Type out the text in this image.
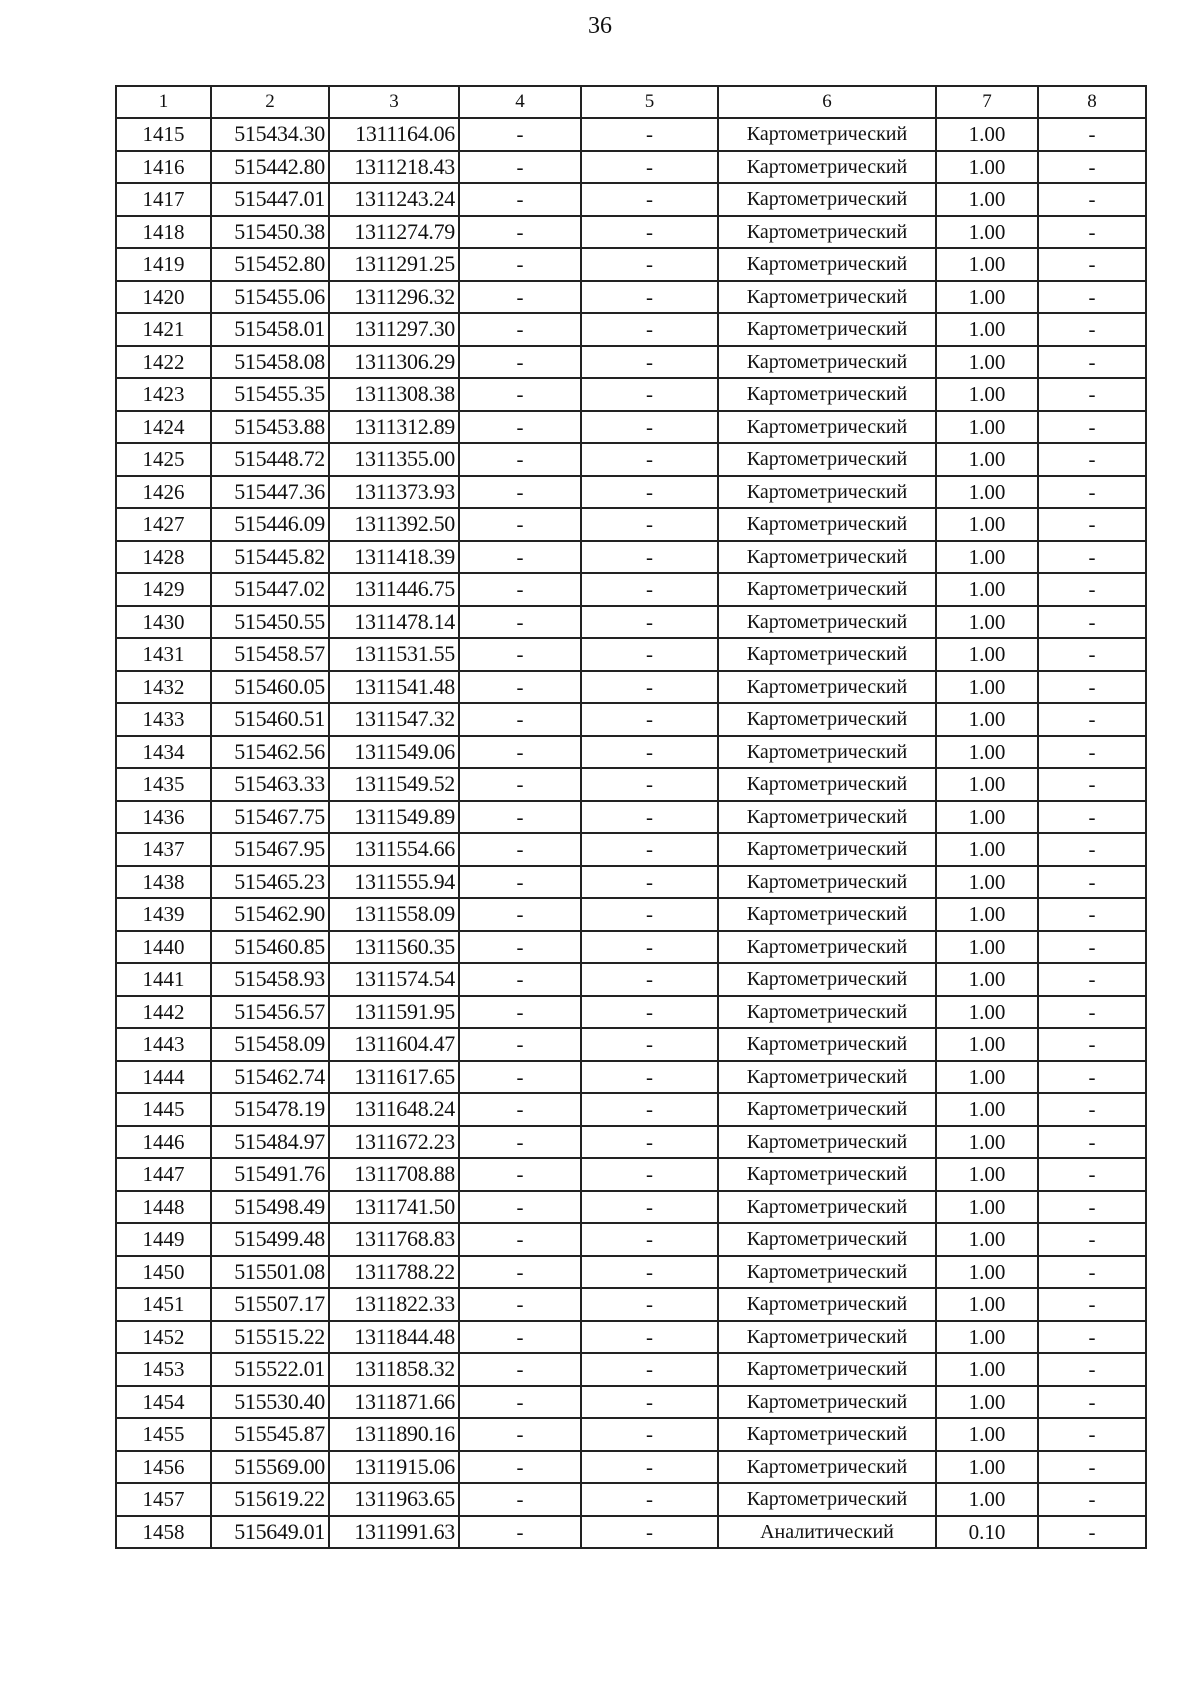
36
1	2	3	4	5	6	7	8
1415	515434.30	1311164.06	-	-	Картометрический	1.00	-
1416	515442.80	1311218.43	-	-	Картометрический	1.00	-
1417	515447.01	1311243.24	-	-	Картометрический	1.00	-
1418	515450.38	1311274.79	-	-	Картометрический	1.00	-
1419	515452.80	1311291.25	-	-	Картометрический	1.00	-
1420	515455.06	1311296.32	-	-	Картометрический	1.00	-
1421	515458.01	1311297.30	-	-	Картометрический	1.00	-
1422	515458.08	1311306.29	-	-	Картометрический	1.00	-
1423	515455.35	1311308.38	-	-	Картометрический	1.00	-
1424	515453.88	1311312.89	-	-	Картометрический	1.00	-
1425	515448.72	1311355.00	-	-	Картометрический	1.00	-
1426	515447.36	1311373.93	-	-	Картометрический	1.00	-
1427	515446.09	1311392.50	-	-	Картометрический	1.00	-
1428	515445.82	1311418.39	-	-	Картометрический	1.00	-
1429	515447.02	1311446.75	-	-	Картометрический	1.00	-
1430	515450.55	1311478.14	-	-	Картометрический	1.00	-
1431	515458.57	1311531.55	-	-	Картометрический	1.00	-
1432	515460.05	1311541.48	-	-	Картометрический	1.00	-
1433	515460.51	1311547.32	-	-	Картометрический	1.00	-
1434	515462.56	1311549.06	-	-	Картометрический	1.00	-
1435	515463.33	1311549.52	-	-	Картометрический	1.00	-
1436	515467.75	1311549.89	-	-	Картометрический	1.00	-
1437	515467.95	1311554.66	-	-	Картометрический	1.00	-
1438	515465.23	1311555.94	-	-	Картометрический	1.00	-
1439	515462.90	1311558.09	-	-	Картометрический	1.00	-
1440	515460.85	1311560.35	-	-	Картометрический	1.00	-
1441	515458.93	1311574.54	-	-	Картометрический	1.00	-
1442	515456.57	1311591.95	-	-	Картометрический	1.00	-
1443	515458.09	1311604.47	-	-	Картометрический	1.00	-
1444	515462.74	1311617.65	-	-	Картометрический	1.00	-
1445	515478.19	1311648.24	-	-	Картометрический	1.00	-
1446	515484.97	1311672.23	-	-	Картометрический	1.00	-
1447	515491.76	1311708.88	-	-	Картометрический	1.00	-
1448	515498.49	1311741.50	-	-	Картометрический	1.00	-
1449	515499.48	1311768.83	-	-	Картометрический	1.00	-
1450	515501.08	1311788.22	-	-	Картометрический	1.00	-
1451	515507.17	1311822.33	-	-	Картометрический	1.00	-
1452	515515.22	1311844.48	-	-	Картометрический	1.00	-
1453	515522.01	1311858.32	-	-	Картометрический	1.00	-
1454	515530.40	1311871.66	-	-	Картометрический	1.00	-
1455	515545.87	1311890.16	-	-	Картометрический	1.00	-
1456	515569.00	1311915.06	-	-	Картометрический	1.00	-
1457	515619.22	1311963.65	-	-	Картометрический	1.00	-
1458	515649.01	1311991.63	-	-	Аналитический	0.10	-
